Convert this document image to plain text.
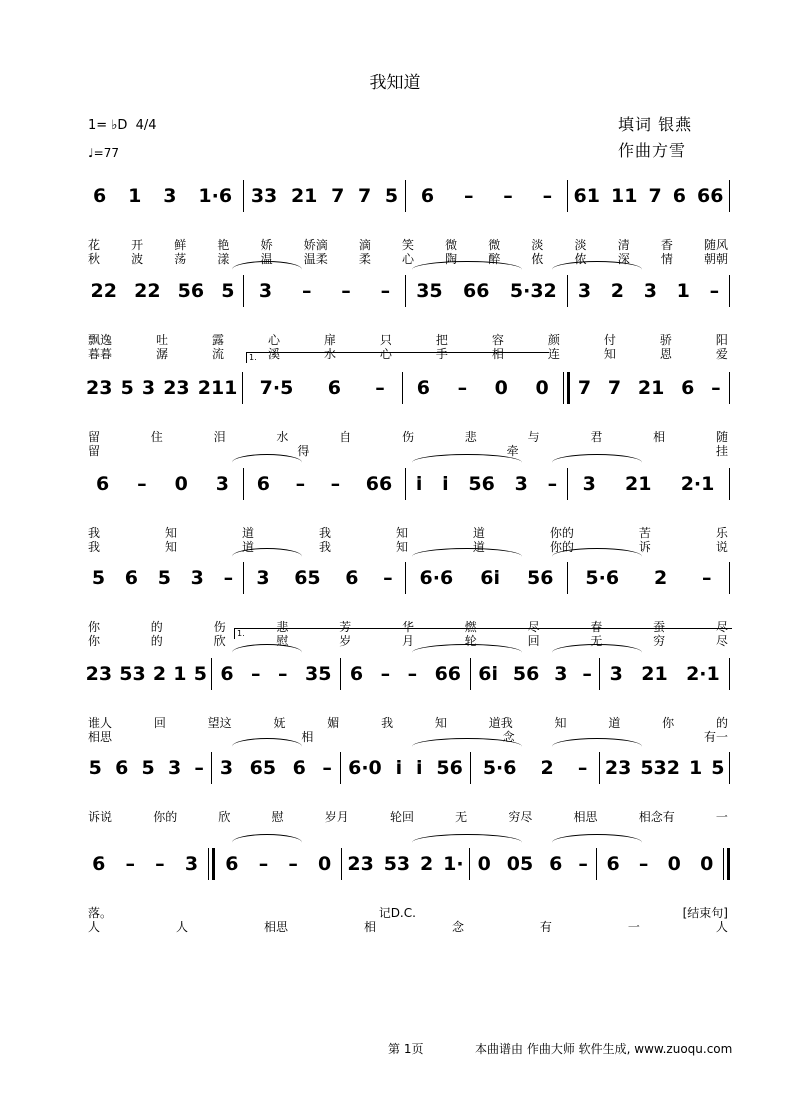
我知道
填词 银燕
作曲方雪
1= ♭D 4/4
♩=77
6 1 3 1·6 33 21 7 7 5 6 – – – 61 11 7 6 66
花	开	鲜	艳	娇	娇滴	滴	笑	微	微	淡	淡	清	香	随风
秋	波	荡	漾	温	温柔	柔	心	陶	醉	侬	侬	深	情	朝朝
22 22 56 5 3 – – – 35 66 5·32 3 2 3 1 –
飘逸	吐	露	心	扉	只	把	容	颜	付	骄	阳
暮暮	潺	流	溪	水	心	手	相	连	知	恩	爱
23 5 3 23 211 7·5 6 – 6 – 0 0 7 7 21 6 –
留	住	泪	水	自	伤	悲	与	君	相	随
留	得	牵	挂
6 – 0 3 6 – – 66 i i 56 3 – 3 21 2·1
我	知	道	我	知	道	你的	苦	乐
我	知	道	我	知	道	你的	诉	说
5 6 5 3 – 3 65 6 – 6·6 6i 56 5·6 2 –
你	的	伤	悲	芳	华	燃	尽	春	蚕	尽
你	的	欣	慰	岁	月	轮	回	无	穷	尽
23 53 2 1 5 6 – – 35 6 – – 66 6i 56 3 – 3 21 2·1
谁人	回	望这	妩	媚	我	知	道我	知	道	你	的
相思	相	念	有一
5 6 5 3 – 3 65 6 – 6·0 i i 56 5·6 2 – 23 532 1 5
诉说	你的	欣	慰	岁月	轮回	无	穷尽	相思	相念有	一
6 – – 3 6 – – 0 23 53 2 1· 0 05 6 – 6 – 0 0
落。	记D.C.	[结束句]
人	人	相思	相	念	有	一	人
第 1页	本曲谱由 作曲大师 软件生成, www.zuoqu.com
1.
1.
